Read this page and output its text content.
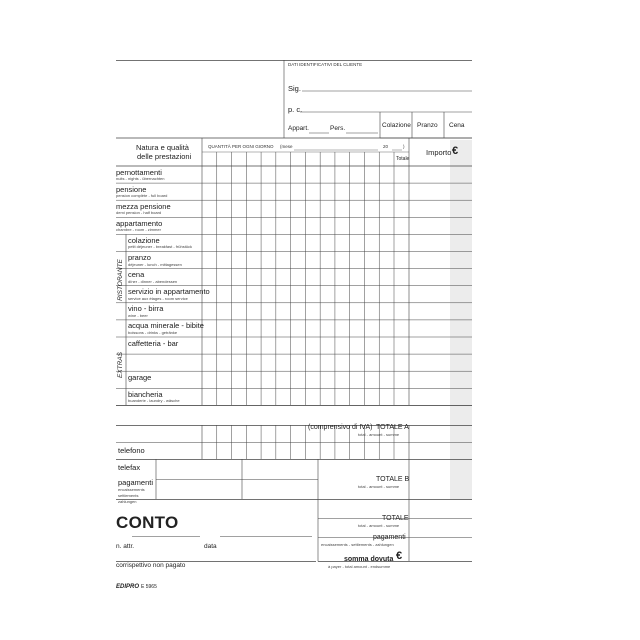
DATI IDENTIFICATIVI DEL CLIENTE
Sig.
p. c.
Appart.	Pers.	Colazione Pranzo Cena
Natura e qualità
delle prestazioni
QUANTITÀ PER OGNI GIORNO (mese	20	)
Totale
Importo €
pernottamenti
nuits - nights - übernachten
pensione
pension complète - full board
mezza pensione
demi pension - half board
appartamento
chambre - room - zimmer
colazione
petit déjeuner - breakfast - frühstück
pranzo
déjeuner - lunch - mittagessen
cena
dîner - dinner - abendessen
servizio in appartamento
service aux étages - room service
vino - birra
wine - beer
acqua minerale - bibite
boissons - drinks - getränke
caffetteria - bar
garage
biancheria
buanderie - laundry - wäsche
RISTORANTE
EXTRAS
(comprensivo di IVA) TOTALE A
total - amount - summe
telefono
telefax
pagamenti
encaissements
settlements
zahlungen
TOTALE B
total - amount - summe
CONTO
n. attr.	data
corrispettivo non pagato
TOTALE
total - amount - summe
pagamenti
encaissements - settlements - zahlungen
somma dovuta €
à payer - total amount - endsumme
EDIPRO E 5965
